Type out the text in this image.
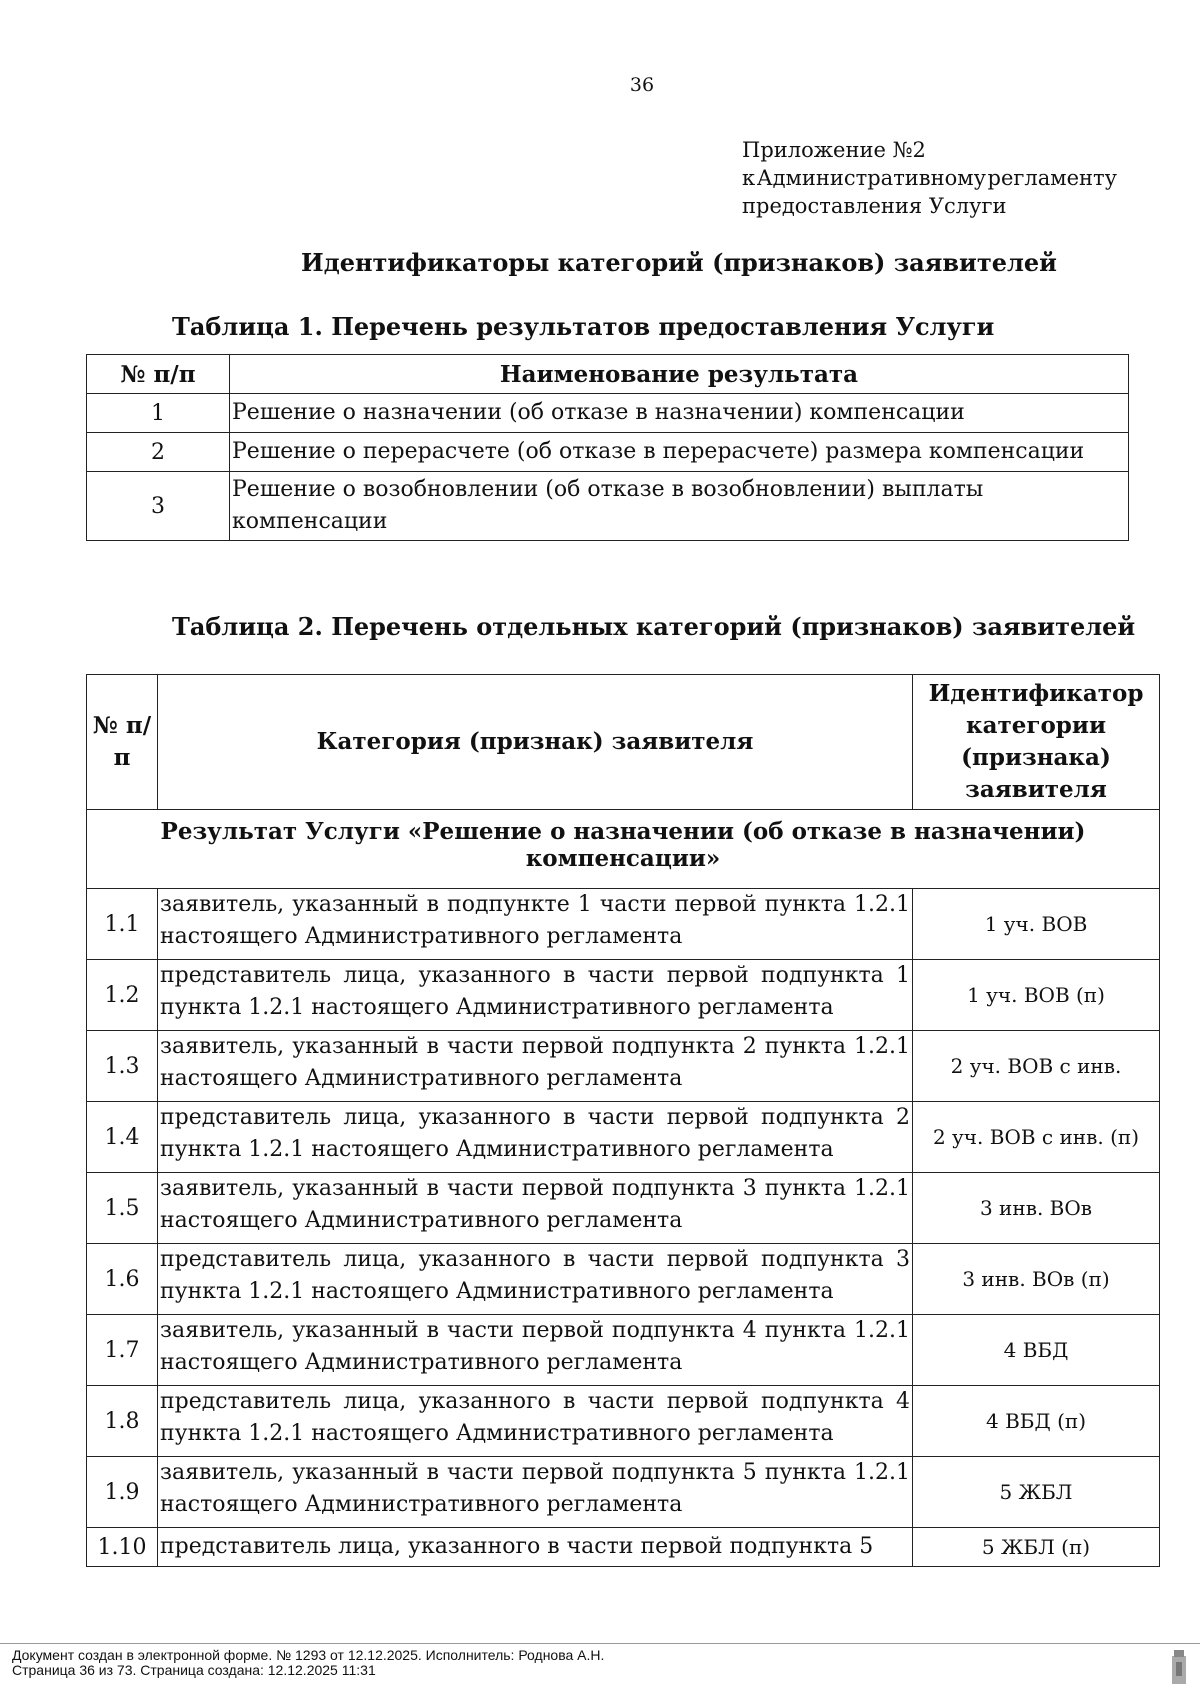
36
Приложение №2
к Административному регламенту
предоставления Услуги
Идентификаторы категорий (признаков) заявителей
Таблица 1. Перечень результатов предоставления Услуги
№ п/п	Наименование результата
1	Решение о назначении (об отказе в назначении) компенсации
2	Решение о перерасчете (об отказе в перерасчете) размера компенсации
3	Решение о возобновлении (об отказе в возобновлении) выплаты компенсации
Таблица 2. Перечень отдельных категорий (признаков) заявителей
№ п/п	Категория (признак) заявителя	Идентификатор категории (признака) заявителя
Результат Услуги «Решение о назначении (об отказе в назначении) компенсации»		
1.1	заявитель, указанный в подпункте 1 части первой пункта 1.2.1 настоящего Административного регламента	1 уч. ВОВ
1.2	представитель лица, указанного в части первой подпункта 1 пункта 1.2.1 настоящего Административного регламента	1 уч. ВОВ (п)
1.3	заявитель, указанный в части первой подпункта 2 пункта 1.2.1 настоящего Административного регламента	2 уч. ВОВ с инв.
1.4	представитель лица, указанного в части первой подпункта 2 пункта 1.2.1 настоящего Административного регламента	2 уч. ВОВ с инв. (п)
1.5	заявитель, указанный в части первой подпункта 3 пункта 1.2.1 настоящего Административного регламента	3 инв. ВОв
1.6	представитель лица, указанного в части первой подпункта 3 пункта 1.2.1 настоящего Административного регламента	3 инв. ВОв (п)
1.7	заявитель, указанный в части первой подпункта 4 пункта 1.2.1 настоящего Административного регламента	4 ВБД
1.8	представитель лица, указанного в части первой подпункта 4 пункта 1.2.1 настоящего Административного регламента	4 ВБД (п)
1.9	заявитель, указанный в части первой подпункта 5 пункта 1.2.1 настоящего Административного регламента	5 ЖБЛ
1.10	представитель лица, указанного в части первой подпункта 5	5 ЖБЛ (п)
Документ создан в электронной форме. № 1293 от 12.12.2025. Исполнитель: Роднова А.Н.
Страница 36 из 73. Страница создана: 12.12.2025 11:31
